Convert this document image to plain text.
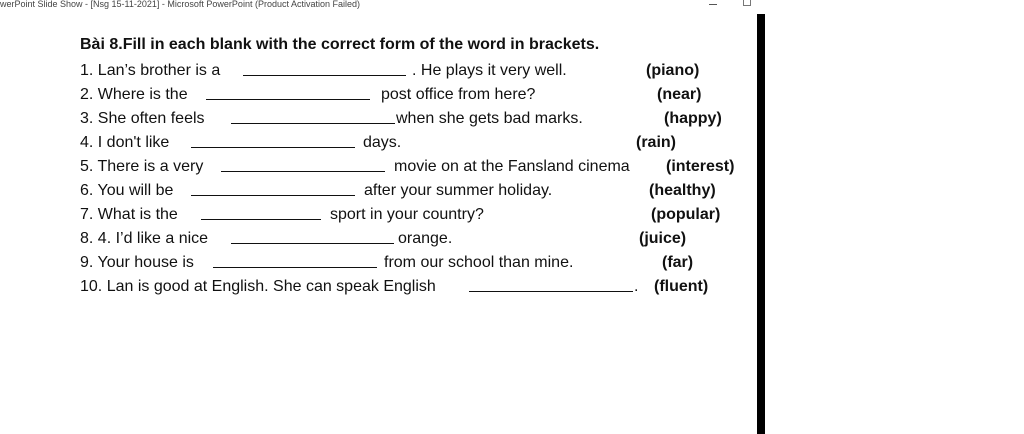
werPoint Slide Show - [Nsg 15-11-2021] - Microsoft PowerPoint (Product Activation Failed)
Bài 8.Fill in each blank with the correct form of the word in brackets.
1. Lan’s brother is a	. He plays it very well.	(piano)
2. Where is the	post office from here?	(near)
3. She often feels	when she gets bad marks.	(happy)
4. I don't like	days.	(rain)
5. There is a very	movie on at the Fansland cinema (interest)
6. You will be	after your summer holiday.	(healthy)
7. What is the	sport in your country?	(popular)
8. 4. I’d like a nice	orange.	(juice)
9. Your house is	from our school than mine.	(far)
10. Lan is good at English. She can speak English	. (fluent)
